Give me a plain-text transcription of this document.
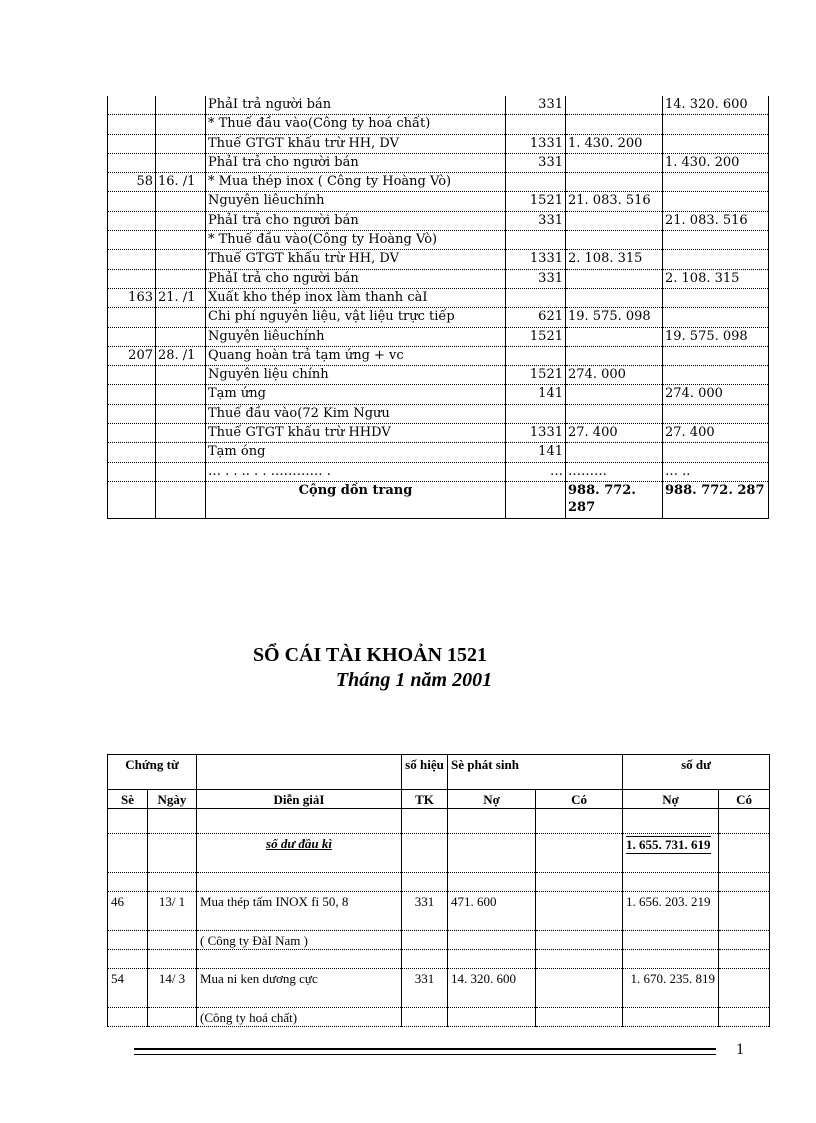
		PhảI trả người bán	331		14. 320. 600
		* Thuế đầu vào(Công ty hoá chất)			
		Thuế GTGT khấu trừ HH, DV	1331	1. 430. 200	
		PhảI trả cho người bán	331		1. 430. 200
58	16. /1	* Mua thép inox ( Công ty Hoàng Vò)			
		Nguyên liêuchính	1521	21. 083. 516	
		PhảI trả cho người bán	331		21. 083. 516
		* Thuế đầu vào(Công ty Hoàng Vò)			
		Thuế GTGT khấu trừ HH, DV	1331	2. 108. 315	
		PhảI trả cho người bán	331		2. 108. 315
163	21. /1	Xuất kho thép inox làm thanh càI			
		Chi phí nguyên liệu, vật liệu trực tiếp	621	19. 575. 098	
		Nguyên liêuchính	1521		19. 575. 098
207	28. /1	Quang hoàn trả tạm ứng + vc			
		Nguyên liệu chính	1521	274. 000	
		Tạm ứng	141		274. 000
		Thuế đầu vào(72 Kim Ngưu			
		Thuế GTGT khấu trừ HHDV	1331	27. 400	27. 400
		Tạm óng	141		
		… . . .. . . ………… .	…	………	… ..
		Cộng dồn trang		988. 772. 287	988. 772. 287
SỔ CÁI TÀI KHOẢN 1521
Tháng 1 năm 2001
Chứng từ			số hiệu	Sè phát sinh		số dư	
Sè	Ngày	Diễn giảI	TK	Nợ	Có	Nợ	Có

		số dư đầu kì				1. 655. 731. 619	

46	13/ 1	Mua thép tấm INOX fi 50, 8	331	471. 600		1. 656. 203. 219	
		( Công ty ĐàI Nam )					

54	14/ 3	Mua ni ken dương cực	331	14. 320. 600		1. 670. 235. 819	
		(Công ty hoá chất)					
1
